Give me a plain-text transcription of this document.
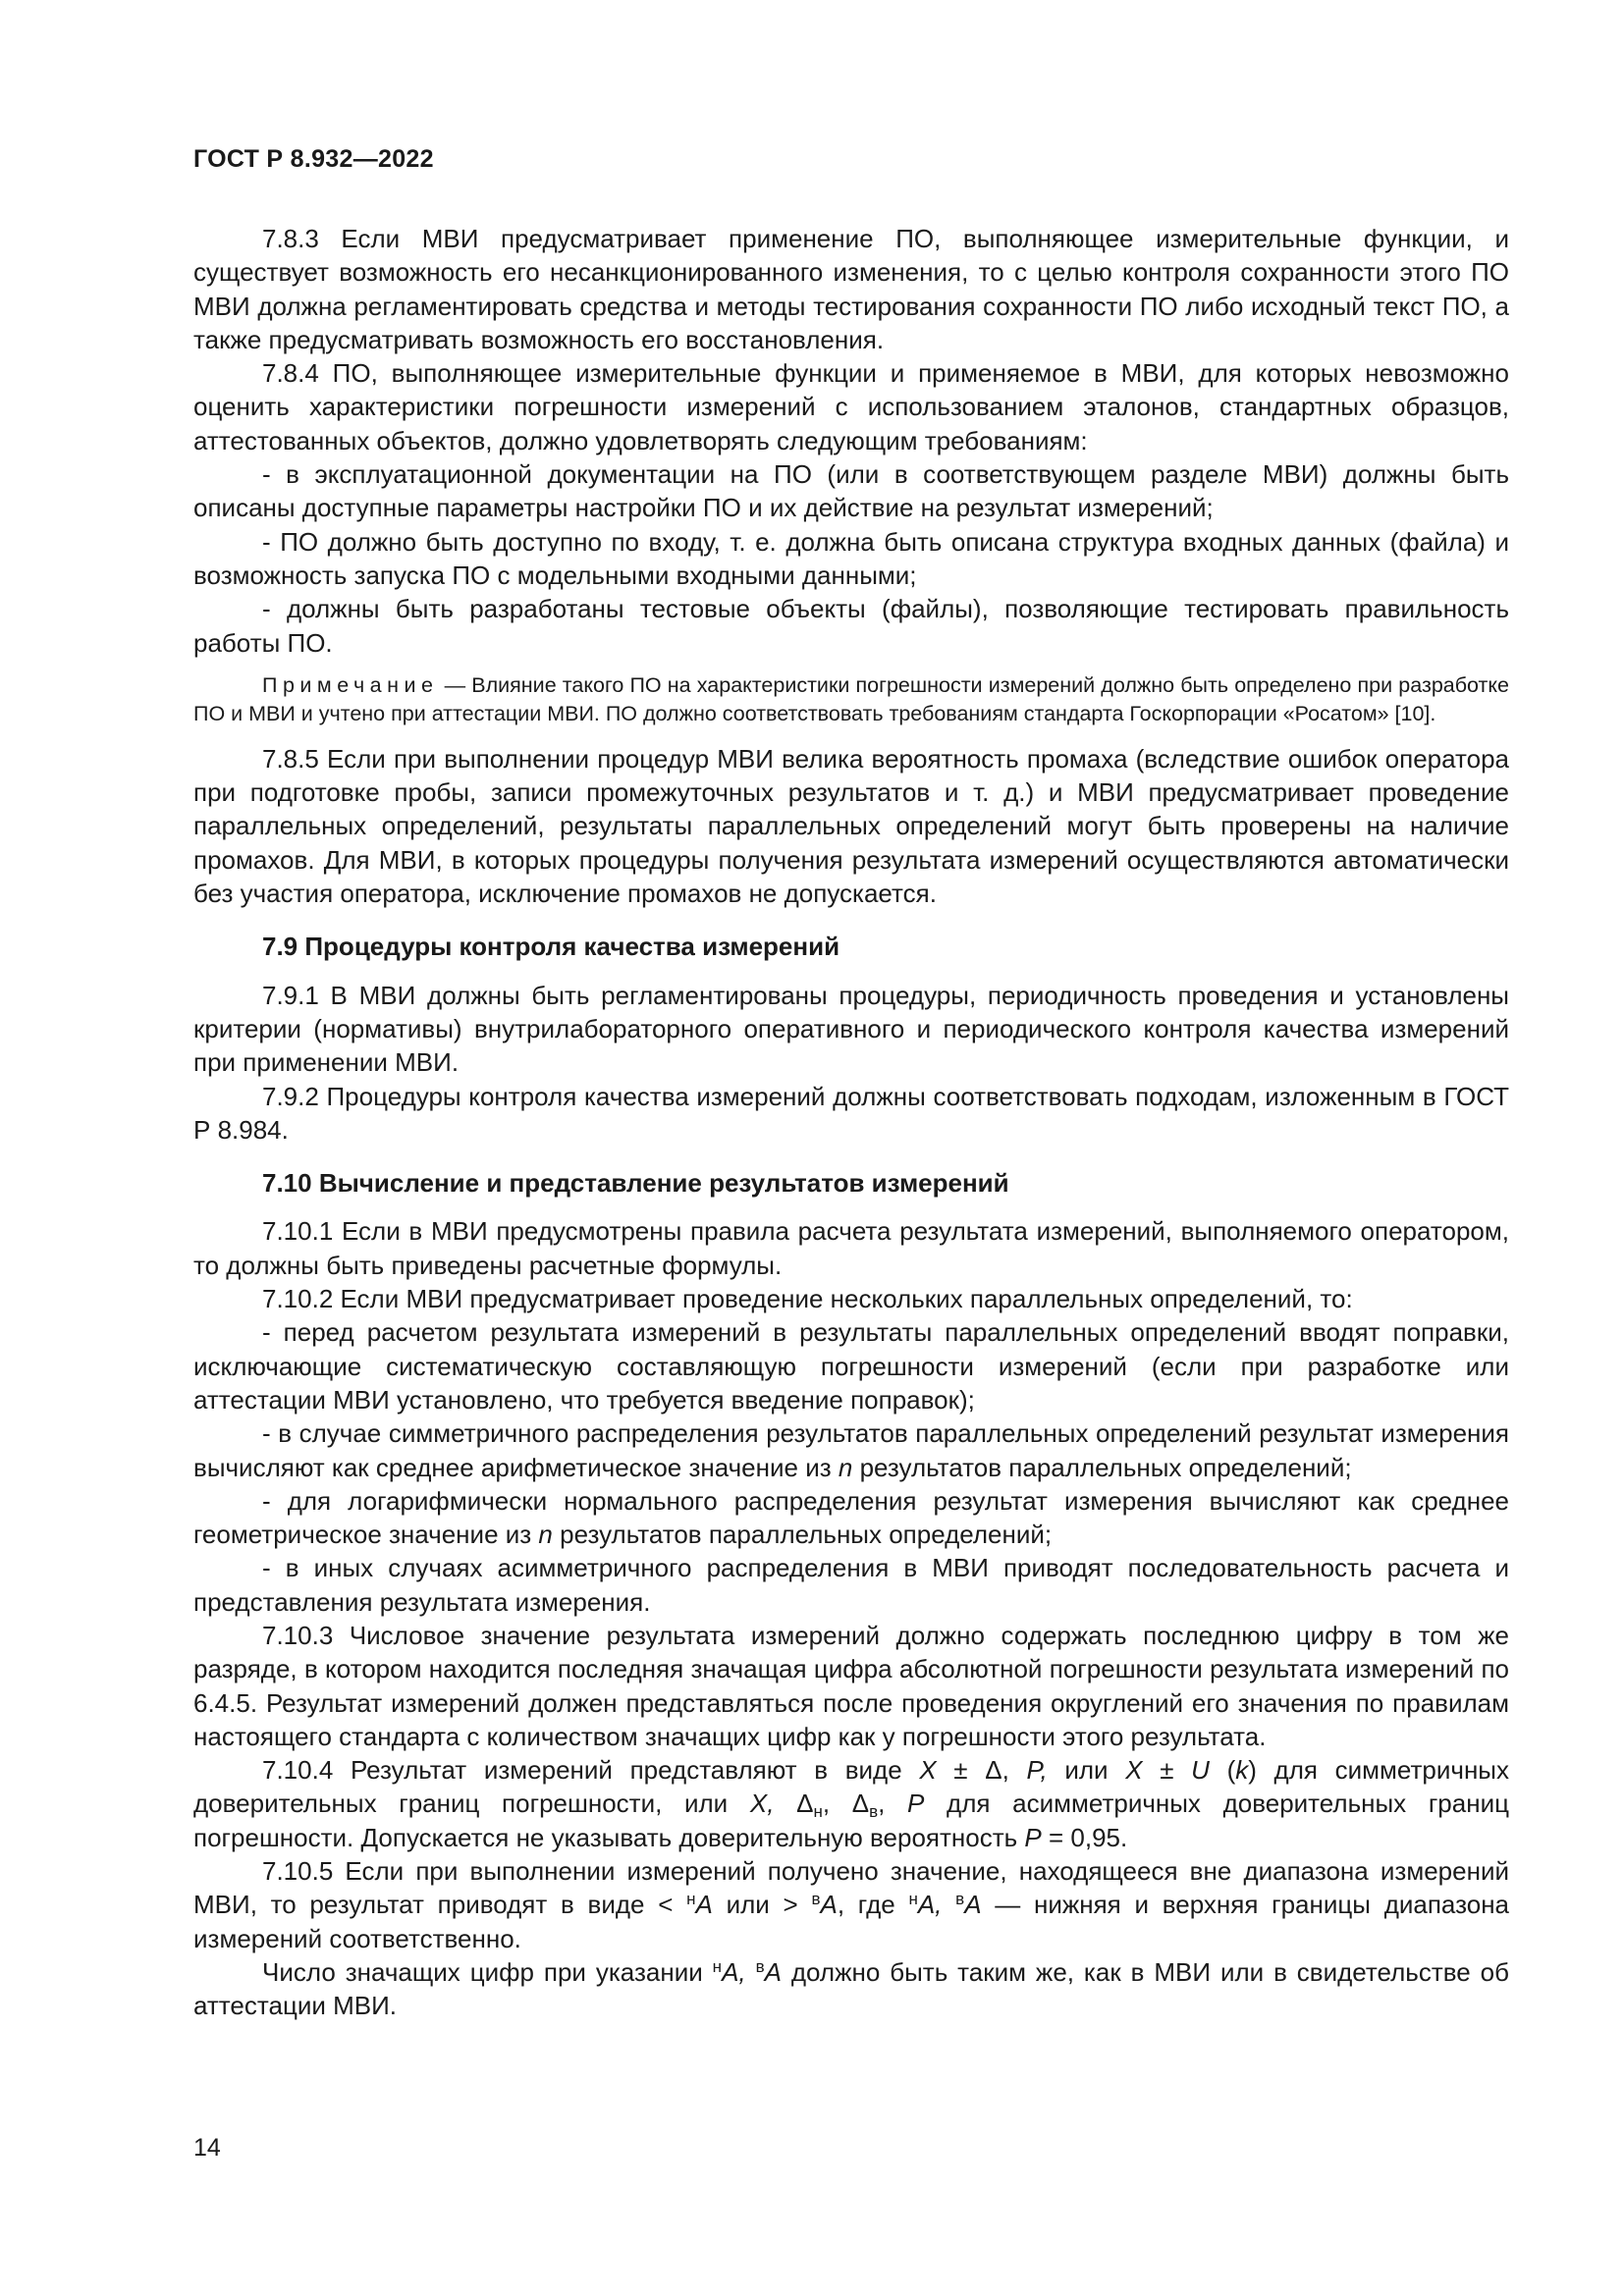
ГОСТ Р 8.932—2022

7.8.3 Если МВИ предусматривает применение ПО, выполняющее измерительные функции, и существует возможность его несанкционированного изменения, то с целью контроля сохранности этого ПО МВИ должна регламентировать средства и методы тестирования сохранности ПО либо исходный текст ПО, а также предусматривать возможность его восстановления.

7.8.4 ПО, выполняющее измерительные функции и применяемое в МВИ, для которых невозможно оценить характеристики погрешности измерений с использованием эталонов, стандартных образцов, аттестованных объектов, должно удовлетворять следующим требованиям:

- в эксплуатационной документации на ПО (или в соответствующем разделе МВИ) должны быть описаны доступные параметры настройки ПО и их действие на результат измерений;

- ПО должно быть доступно по входу, т. е. должна быть описана структура входных данных (файла) и возможность запуска ПО с модельными входными данными;

- должны быть разработаны тестовые объекты (файлы), позволяющие тестировать правильность работы ПО.

Примечание — Влияние такого ПО на характеристики погрешности измерений должно быть определено при разработке ПО и МВИ и учтено при аттестации МВИ. ПО должно соответствовать требованиям стандарта Госкорпорации «Росатом» [10].

7.8.5 Если при выполнении процедур МВИ велика вероятность промаха (вследствие ошибок оператора при подготовке пробы, записи промежуточных результатов и т. д.) и МВИ предусматривает проведение параллельных определений, результаты параллельных определений могут быть проверены на наличие промахов. Для МВИ, в которых процедуры получения результата измерений осуществляются автоматически без участия оператора, исключение промахов не допускается.

7.9 Процедуры контроля качества измерений

7.9.1 В МВИ должны быть регламентированы процедуры, периодичность проведения и установлены критерии (нормативы) внутрилабораторного оперативного и периодического контроля качества измерений при применении МВИ.

7.9.2 Процедуры контроля качества измерений должны соответствовать подходам, изложенным в ГОСТ Р 8.984.

7.10 Вычисление и представление результатов измерений

7.10.1 Если в МВИ предусмотрены правила расчета результата измерений, выполняемого оператором, то должны быть приведены расчетные формулы.

7.10.2 Если МВИ предусматривает проведение нескольких параллельных определений, то:

- перед расчетом результата измерений в результаты параллельных определений вводят поправки, исключающие систематическую составляющую погрешности измерений (если при разработке или аттестации МВИ установлено, что требуется введение поправок);

- в случае симметричного распределения результатов параллельных определений результат измерения вычисляют как среднее арифметическое значение из n результатов параллельных определений;

- для логарифмически нормального распределения результат измерения вычисляют как среднее геометрическое значение из n результатов параллельных определений;

- в иных случаях асимметричного распределения в МВИ приводят последовательность расчета и представления результата измерения.

7.10.3 Числовое значение результата измерений должно содержать последнюю цифру в том же разряде, в котором находится последняя значащая цифра абсолютной погрешности результата измерений по 6.4.5. Результат измерений должен представляться после проведения округлений его значения по правилам настоящего стандарта с количеством значащих цифр как у погрешности этого результата.

7.10.4 Результат измерений представляют в виде X ± Δ, P, или X ± U (k) для симметричных доверительных границ погрешности, или X, $\Delta_н$, $\Delta_в$, P для асимметричных доверительных границ погрешности. Допускается не указывать доверительную вероятность P = 0,95.

7.10.5 Если при выполнении измерений получено значение, находящееся вне диапазона измерений МВИ, то результат приводят в виде < $^н$A или > $^в$A, где $^н$A, $^в$A — нижняя и верхняя границы диапазона измерений соответственно.

Число значащих цифр при указании $^н$A, $^в$A должно быть таким же, как в МВИ или в свидетельстве об аттестации МВИ.

14
